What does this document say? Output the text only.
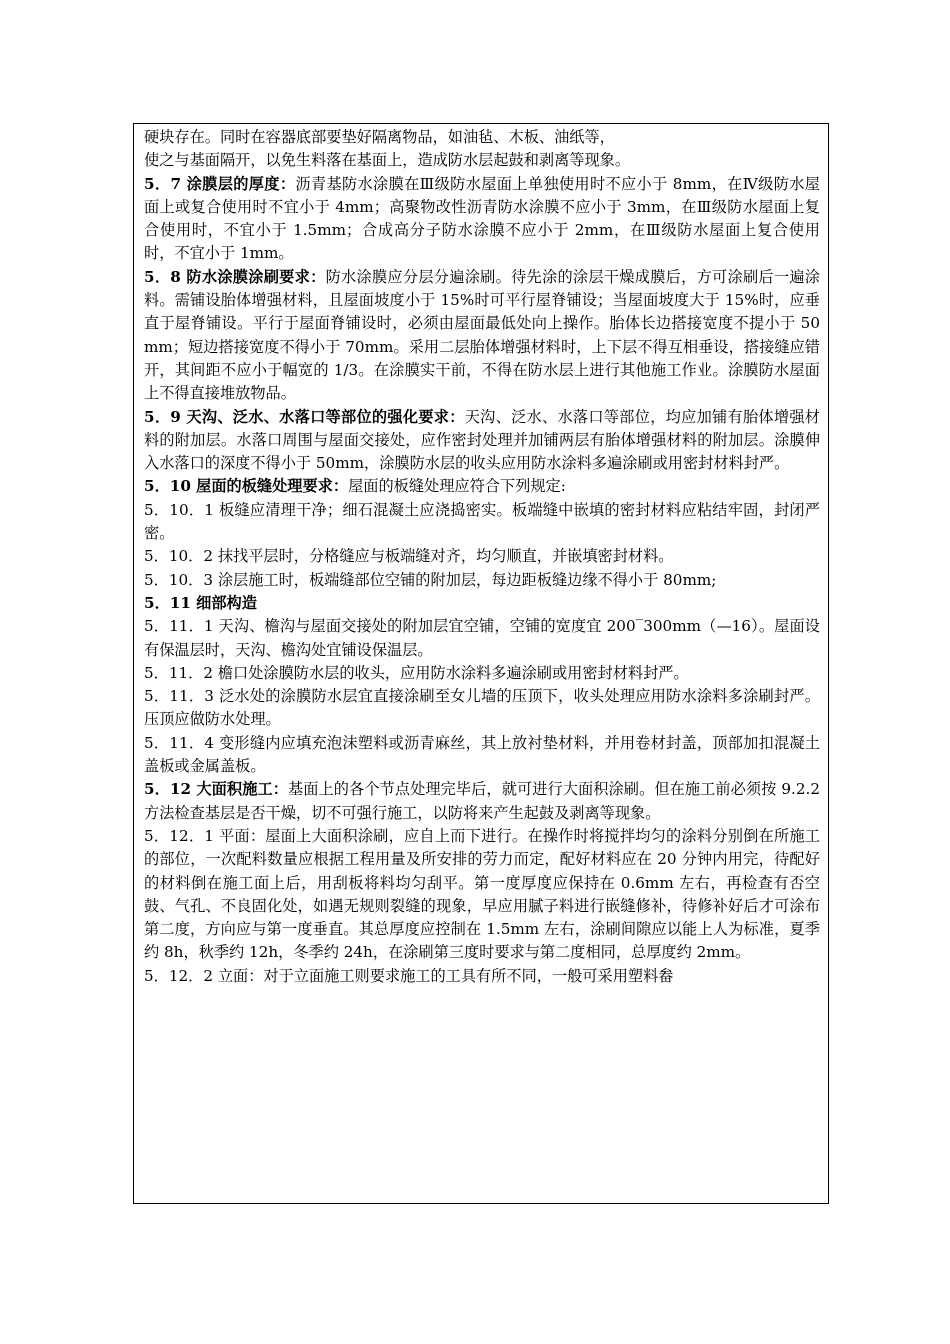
硬块存在。同时在容器底部要垫好隔离物品，如油毡、木板、油纸等，

使之与基面隔开，以免生料落在基面上，造成防水层起鼓和剥离等现象。

5．7 涂膜层的厚度：沥青基防水涂膜在Ⅲ级防水屋面上单独使用时不应小于 8mm，在Ⅳ级防水屋面上或复合使用时不宜小于 4mm；高聚物改性沥青防水涂膜不应小于 3mm，在Ⅲ级防水屋面上复合使用时，不宜小于 1.5mm；合成高分子防水涂膜不应小于 2mm，在Ⅲ级防水屋面上复合使用时，不宜小于 1mm。

5．8 防水涂膜涂刷要求：防水涂膜应分层分遍涂刷。待先涂的涂层干燥成膜后，方可涂刷后一遍涂料。需铺设胎体增强材料，且屋面坡度小于 15%时可平行屋脊铺设；当屋面坡度大于 15%时，应垂直于屋脊铺设。平行于屋面脊铺设时，必须由屋面最低处向上操作。胎体长边搭接宽度不提小于 50 mm；短边搭接宽度不得小于 70mm。采用二层胎体增强材料时，上下层不得互相垂设，搭接缝应错开，其间距不应小于幅宽的 1/3。在涂膜实干前，不得在防水层上进行其他施工作业。涂膜防水屋面上不得直接堆放物品。

5．9 天沟、泛水、水落口等部位的强化要求：天沟、泛水、水落口等部位，均应加铺有胎体增强材料的附加层。水落口周围与屋面交接处，应作密封处理并加铺两层有胎体增强材料的附加层。涂膜伸入水落口的深度不得小于 50mm，涂膜防水层的收头应用防水涂料多遍涂刷或用密封材料封严。

5．10 屋面的板缝处理要求：屋面的板缝处理应符合下列规定:

5．10．1 板缝应清理干净；细石混凝土应浇捣密实。板端缝中嵌填的密封材料应粘结牢固，封闭严密。

5．10．2 抹找平层时，分格缝应与板端缝对齐，均匀顺直，并嵌填密封材料。

5．10．3 涂层施工时，板端缝部位空铺的附加层，每边距板缝边缘不得小于 80mm;

5．11 细部构造

5．11．1 天沟、檐沟与屋面交接处的附加层宜空铺，空铺的宽度宜 200‾300mm（—16）。屋面设有保温层时，天沟、檐沟处宜铺设保温层。

5．11．2 檐口处涂膜防水层的收头，应用防水涂料多遍涂刷或用密封材料封严。

5．11．3 泛水处的涂膜防水层宜直接涂刷至女儿墙的压顶下，收头处理应用防水涂料多涂刷封严。压顶应做防水处理。

5．11．4 变形缝内应填充泡沫塑料或沥青麻丝，其上放衬垫材料，并用卷材封盖，顶部加扣混凝土盖板或金属盖板。

5．12 大面积施工：基面上的各个节点处理完毕后，就可进行大面积涂刷。但在施工前必须按 9.2.2 方法检查基层是否干燥，切不可强行施工，以防将来产生起鼓及剥离等现象。

5．12．1 平面：屋面上大面积涂刷，应自上而下进行。在操作时将搅拌均匀的涂料分别倒在所施工的部位，一次配料数量应根据工程用量及所安排的劳力而定，配好材料应在 20 分钟内用完，待配好的材料倒在施工面上后，用刮板将料均匀刮平。第一度厚度应保持在 0.6mm 左右，再检查有否空鼓、气孔、不良固化处，如遇无规则裂缝的现象，早应用腻子料进行嵌缝修补，待修补好后才可涂布第二度，方向应与第一度垂直。其总厚度应控制在 1.5mm 左右，涂刷间隙应以能上人为标准，夏季约 8h，秋季约 12h，冬季约 24h，在涂刷第三度时要求与第二度相同，总厚度约 2mm。

5．12．2 立面：对于立面施工则要求施工的工具有所不同，一般可采用塑料畚
